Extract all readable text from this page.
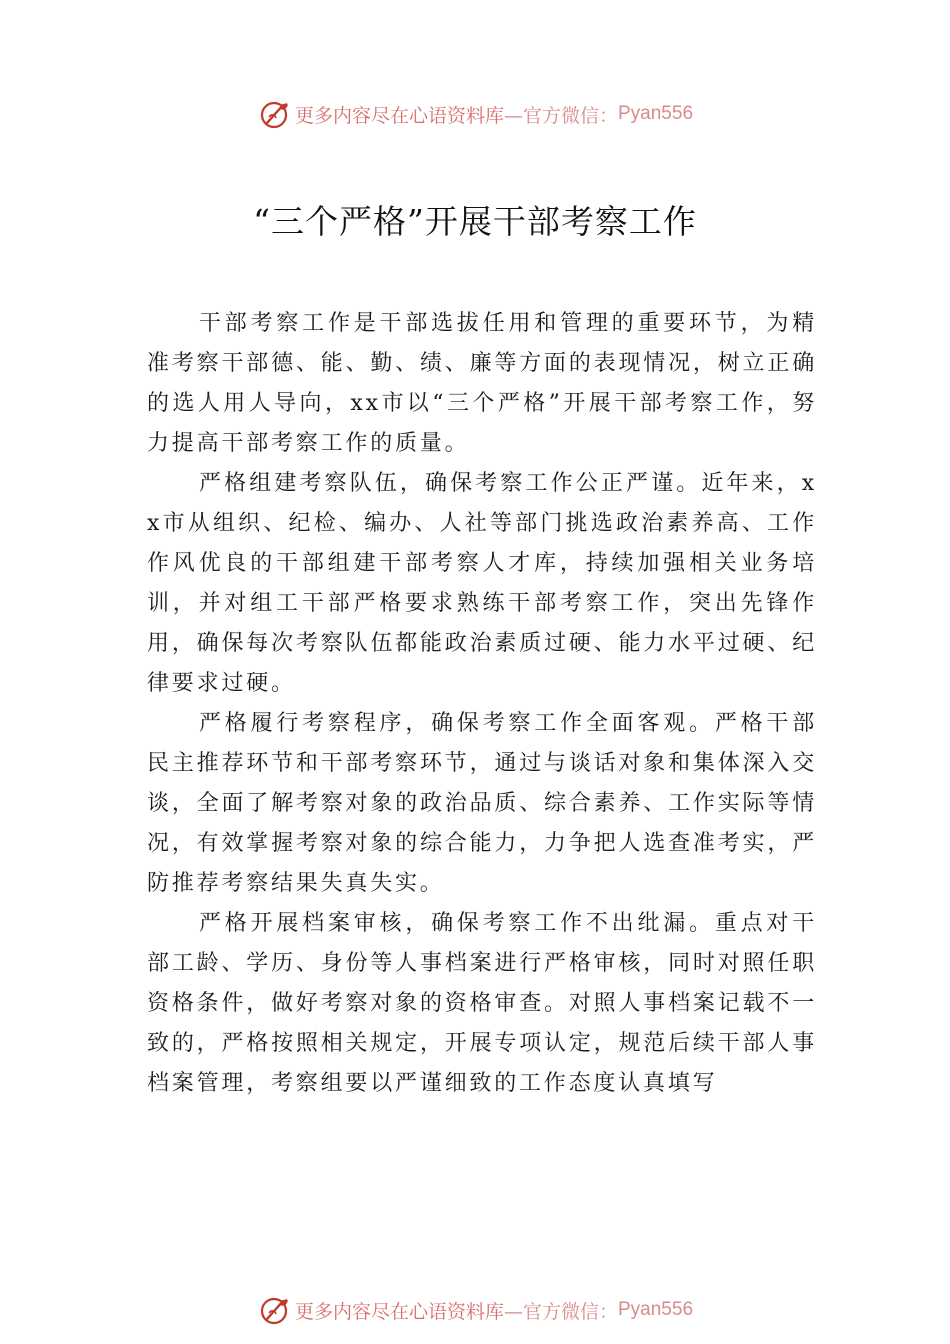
更多内容尽在心语资料库 —官方微信： Pyan556
“三个严格”开展干部考察工作

干部考察工作是干部选拔任用和管理的重要环节，为精准考察干部德、能、勤、绩、廉等方面的表现情况，树立正确的选人用人导向，xx市以“三个严格”开展干部考察工作，努力提高干部考察工作的质量。

严格组建考察队伍，确保考察工作公正严谨。近年来，xx市从组织、纪检、编办、人社等部门挑选政治素养高、工作作风优良的干部组建干部考察人才库，持续加强相关业务培训，并对组工干部严格要求熟练干部考察工作，突出先锋作用，确保每次考察队伍都能政治素质过硬、能力水平过硬、纪律要求过硬。

严格履行考察程序，确保考察工作全面客观。严格干部民主推荐环节和干部考察环节，通过与谈话对象和集体深入交谈，全面了解考察对象的政治品质、综合素养、工作实际等情况，有效掌握考察对象的综合能力，力争把人选查准考实，严防推荐考察结果失真失实。

严格开展档案审核，确保考察工作不出纰漏。重点对干部工龄、学历、身份等人事档案进行严格审核，同时对照任职资格条件，做好考察对象的资格审查。对照人事档案记载不一致的，严格按照相关规定，开展专项认定，规范后续干部人事档案管理，考察组要以严谨细致的工作态度认真填写

更多内容尽在心语资料库 —官方微信： Pyan556
